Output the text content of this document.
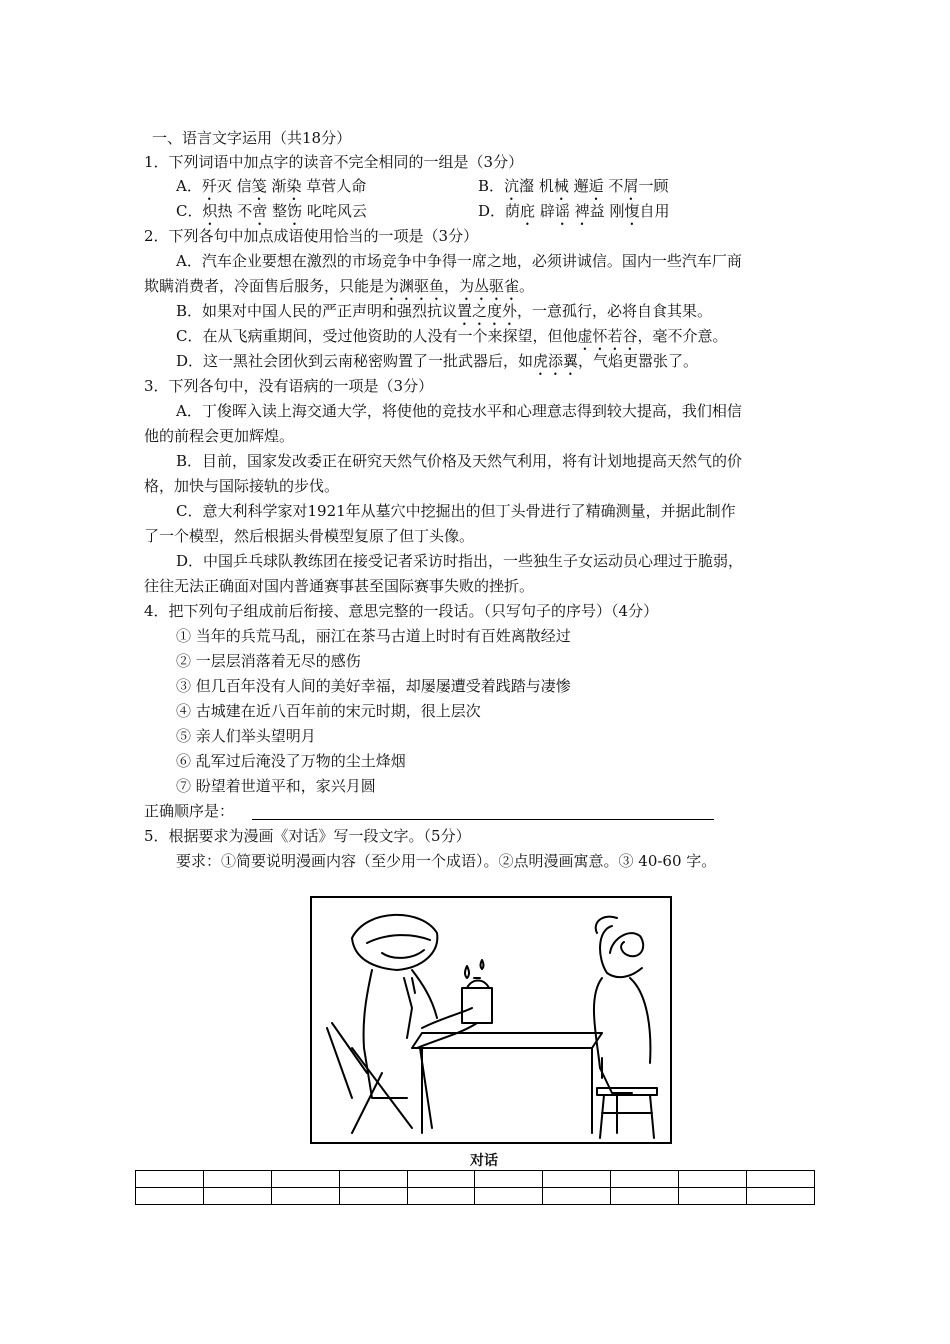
一、语言文字运用（共18分）
1．下列词语中加点字的读音不完全相同的一组是（3分）
A．歼灭 信笺 渐染 草菅人命	B．沆瀣 机械 邂逅 不屑一顾
C．炽热 不啻 整饬 叱咤风云	D．荫庇 辟谣 裨益 刚愎自用
2．下列各句中加点成语使用恰当的一项是（3分）
A．汽车企业要想在激烈的市场竞争中争得一席之地，必须讲诚信。国内一些汽车厂商
欺瞒消费者，冷面售后服务，只能是为渊驱鱼，为丛驱雀。
B．如果对中国人民的严正声明和强烈抗议置之度外，一意孤行，必将自食其果。
C．在从飞病重期间，受过他资助的人没有一个来探望，但他虚怀若谷，毫不介意。
D．这一黑社会团伙到云南秘密购置了一批武器后，如虎添翼，气焰更嚣张了。
3．下列各句中，没有语病的一项是（3分）
A．丁俊晖入读上海交通大学，将使他的竞技水平和心理意志得到较大提高，我们相信
他的前程会更加辉煌。
B．目前，国家发改委正在研究天然气价格及天然气利用，将有计划地提高天然气的价
格，加快与国际接轨的步伐。
C．意大利科学家对1921年从墓穴中挖掘出的但丁头骨进行了精确测量，并据此制作
了一个模型，然后根据头骨模型复原了但丁头像。
D．中国乒乓球队教练团在接受记者采访时指出，一些独生子女运动员心理过于脆弱，
往往无法正确面对国内普通赛事甚至国际赛事失败的挫折。
4．把下列句子组成前后衔接、意思完整的一段话。（只写句子的序号）（4分）
① 当年的兵荒马乱，丽江在茶马古道上时时有百姓离散经过
② 一层层消落着无尽的感伤
③ 但几百年没有人间的美好幸福，却屡屡遭受着践踏与凄惨
④ 古城建在近八百年前的宋元时期，很上层次
⑤ 亲人们举头望明月
⑥ 乱军过后淹没了万物的尘土烽烟
⑦ 盼望着世道平和，家兴月圆
正确顺序是：
5．根据要求为漫画《对话》写一段文字。（5分）
要求：①简要说明漫画内容（至少用一个成语）。②点明漫画寓意。③ 40-60 字。
对话
